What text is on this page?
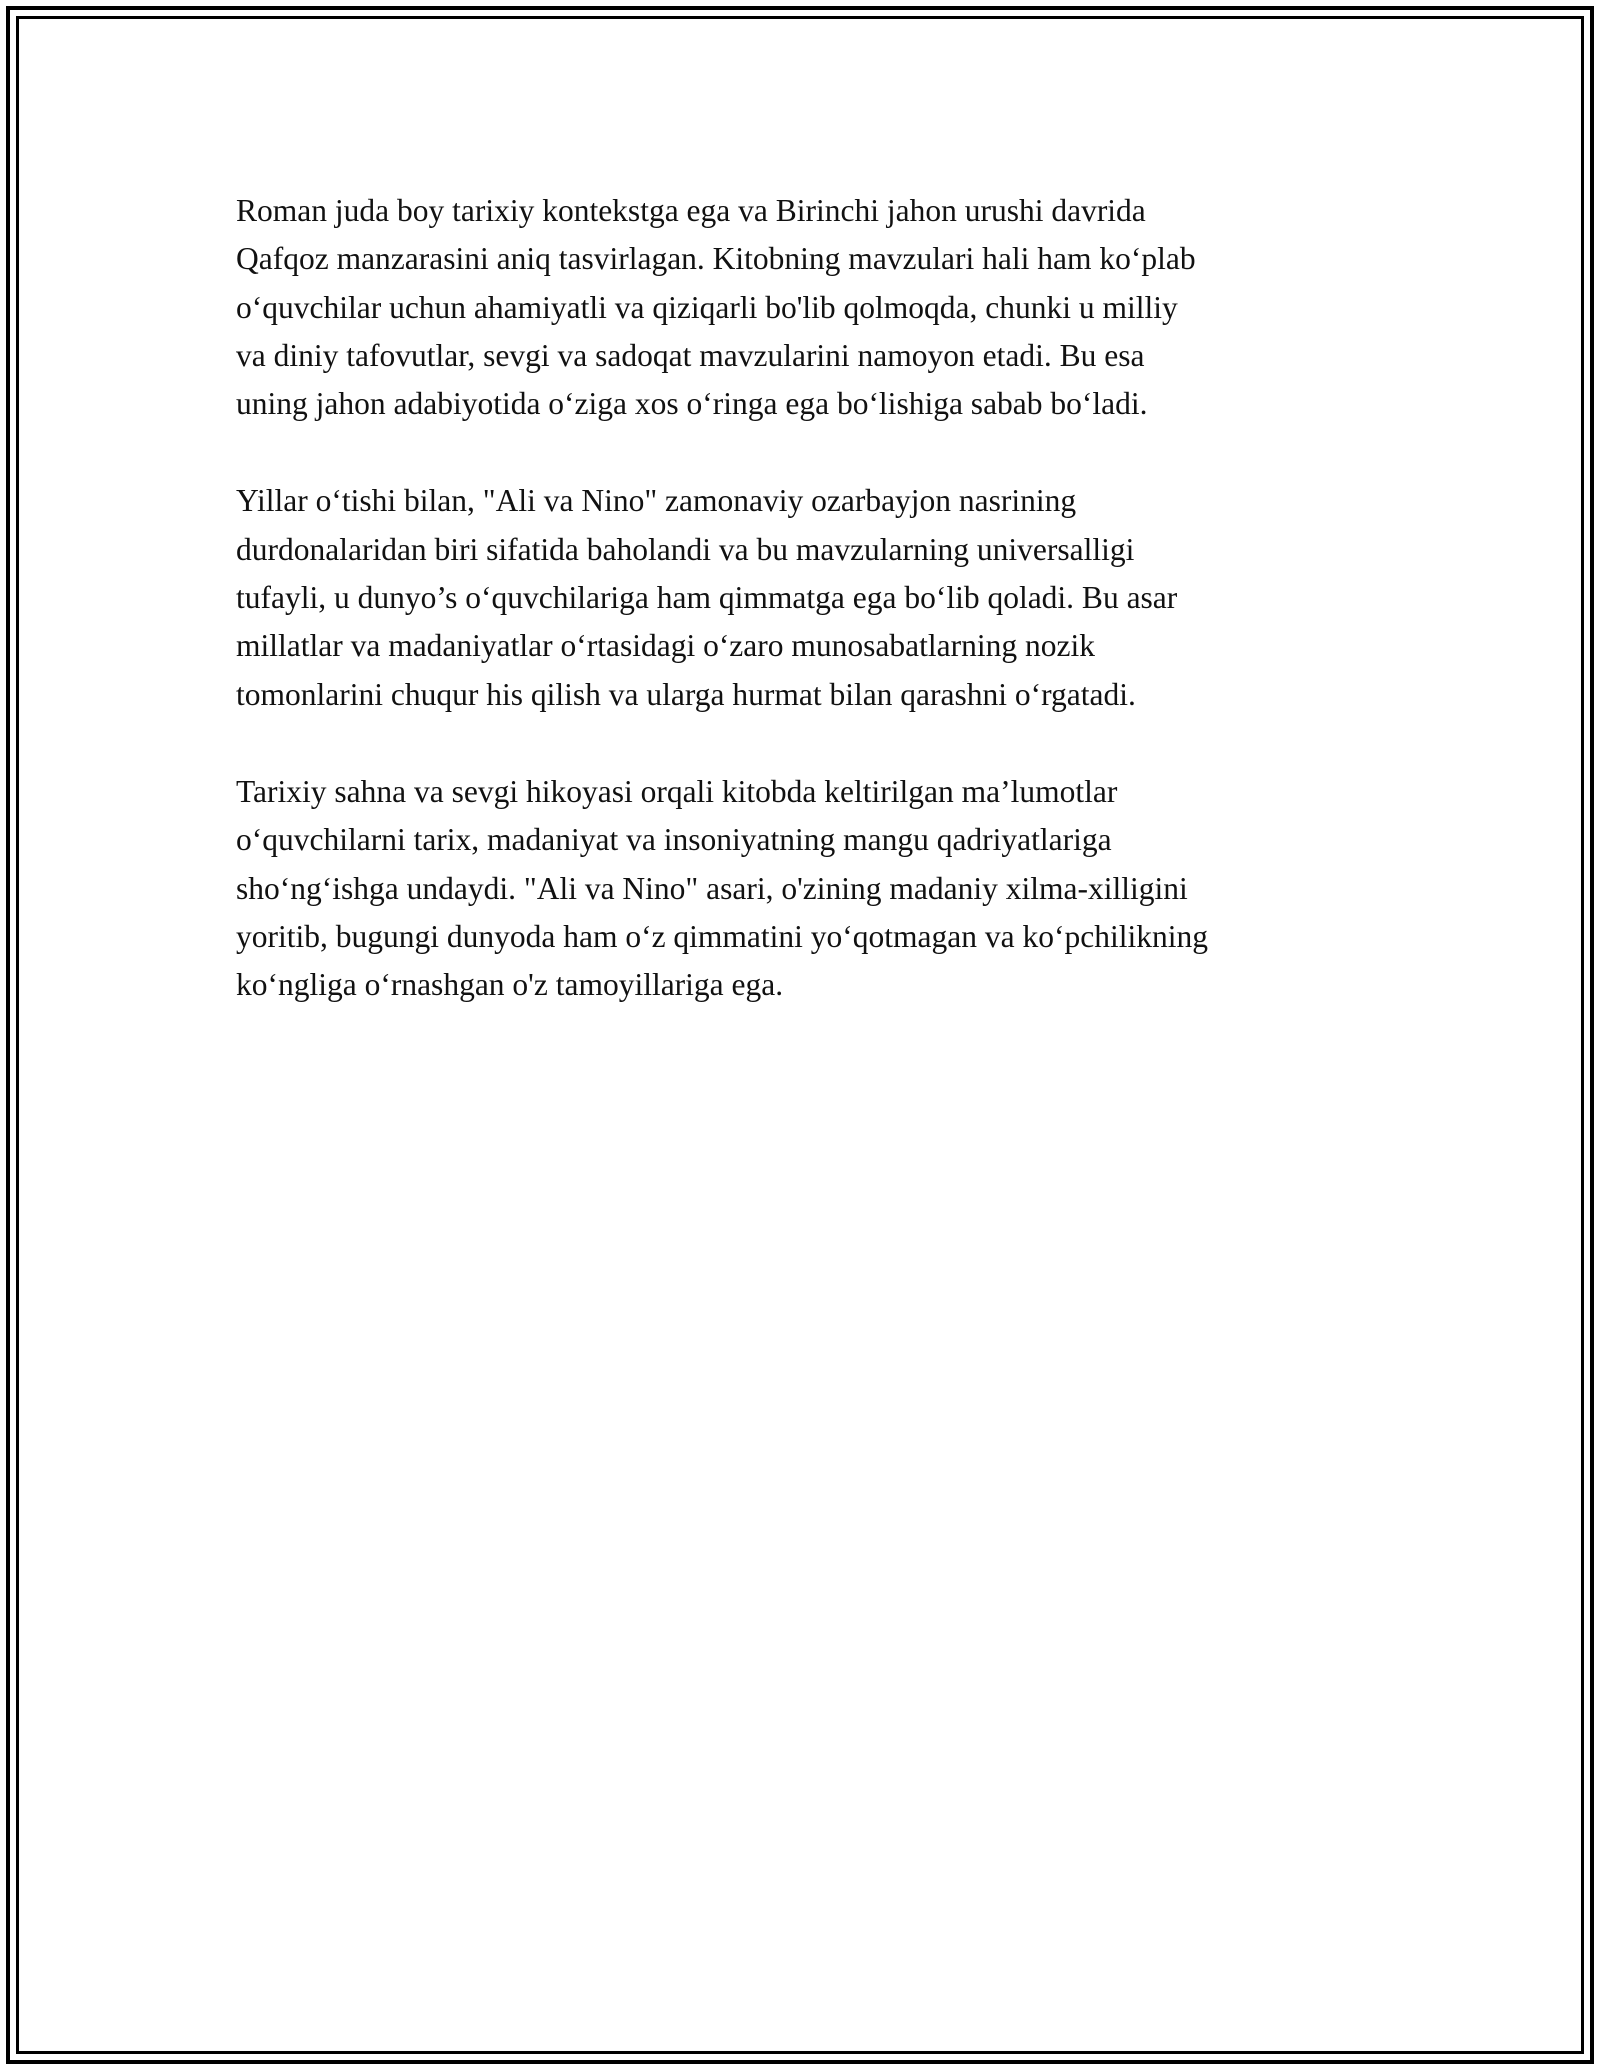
Roman juda boy tarixiy kontekstga ega va Birinchi jahon urushi davrida
Qafqoz manzarasini aniq tasvirlagan. Kitobning mavzulari hali ham koʻplab
oʻquvchilar uchun ahamiyatli va qiziqarli bo'lib qolmoqda, chunki u milliy
va diniy tafovutlar, sevgi va sadoqat mavzularini namoyon etadi. Bu esa
uning jahon adabiyotida oʻziga xos oʻringa ega boʻlishiga sabab boʻladi.

Yillar oʻtishi bilan, "Ali va Nino" zamonaviy ozarbayjon nasrining
durdonalaridan biri sifatida baholandi va bu mavzularning universalligi
tufayli, u dunyo’s oʻquvchilariga ham qimmatga ega boʻlib qoladi. Bu asar
millatlar va madaniyatlar oʻrtasidagi oʻzaro munosabatlarning nozik
tomonlarini chuqur his qilish va ularga hurmat bilan qarashni oʻrgatadi.

Tarixiy sahna va sevgi hikoyasi orqali kitobda keltirilgan ma’lumotlar
oʻquvchilarni tarix, madaniyat va insoniyatning mangu qadriyatlariga
shoʻngʻishga undaydi. "Ali va Nino" asari, o'zining madaniy xilma-xilligini
yoritib, bugungi dunyoda ham oʻz qimmatini yoʻqotmagan va koʻpchilikning
koʻngliga oʻrnashgan o'z tamoyillariga ega.
